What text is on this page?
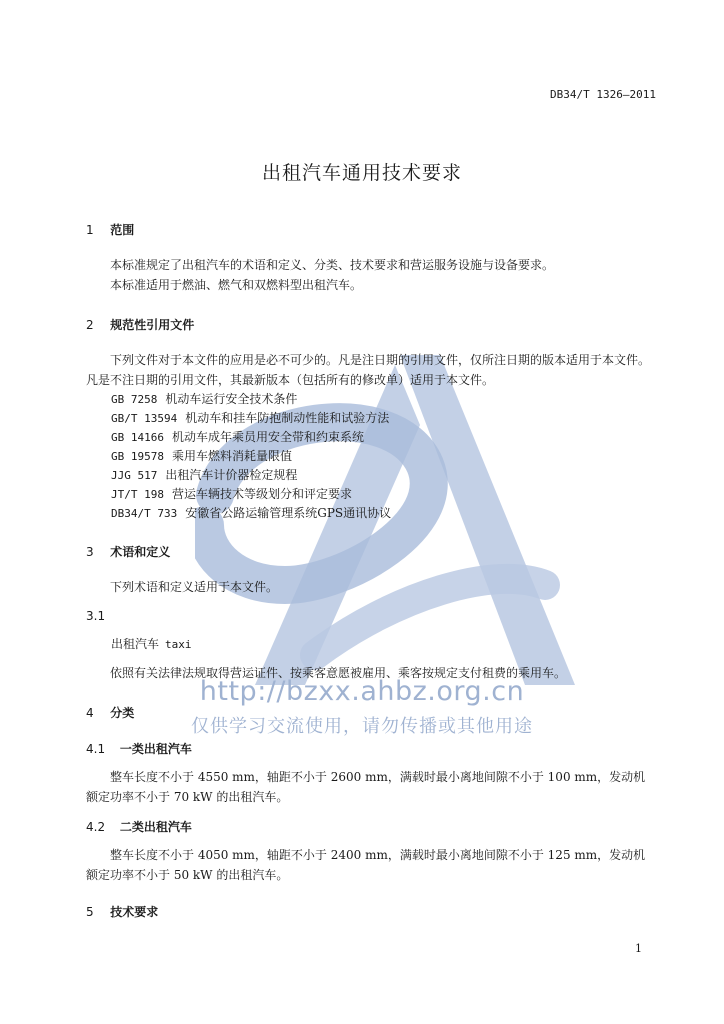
http://bzxx.ahbz.org.cn
仅供学习交流使用，请勿传播或其他用途
DB34/T 1326—2011
出租汽车通用技术要求
1 范围
本标准规定了出租汽车的术语和定义、分类、技术要求和营运服务设施与设备要求。
本标准适用于燃油、燃气和双燃料型出租汽车。
2 规范性引用文件
下列文件对于本文件的应用是必不可少的。凡是注日期的引用文件，仅所注日期的版本适用于本文件。凡是不注日期的引用文件，其最新版本（包括所有的修改单）适用于本文件。
GB 7258 机动车运行安全技术条件
GB/T 13594 机动车和挂车防抱制动性能和试验方法
GB 14166 机动车成年乘员用安全带和约束系统
GB 19578 乘用车燃料消耗量限值
JJG 517 出租汽车计价器检定规程
JT/T 198 营运车辆技术等级划分和评定要求
DB34/T 733 安徽省公路运输管理系统GPS通讯协议
3 术语和定义
下列术语和定义适用于本文件。
3.1
出租汽车 taxi
依照有关法律法规取得营运证件、按乘客意愿被雇用、乘客按规定支付租费的乘用车。
4 分类
4.1 一类出租汽车
整车长度不小于 4550 mm，轴距不小于 2600 mm，满载时最小离地间隙不小于 100 mm，发动机额定功率不小于 70 kW 的出租汽车。
4.2 二类出租汽车
整车长度不小于 4050 mm，轴距不小于 2400 mm，满载时最小离地间隙不小于 125 mm，发动机额定功率不小于 50 kW 的出租汽车。
5 技术要求
1
